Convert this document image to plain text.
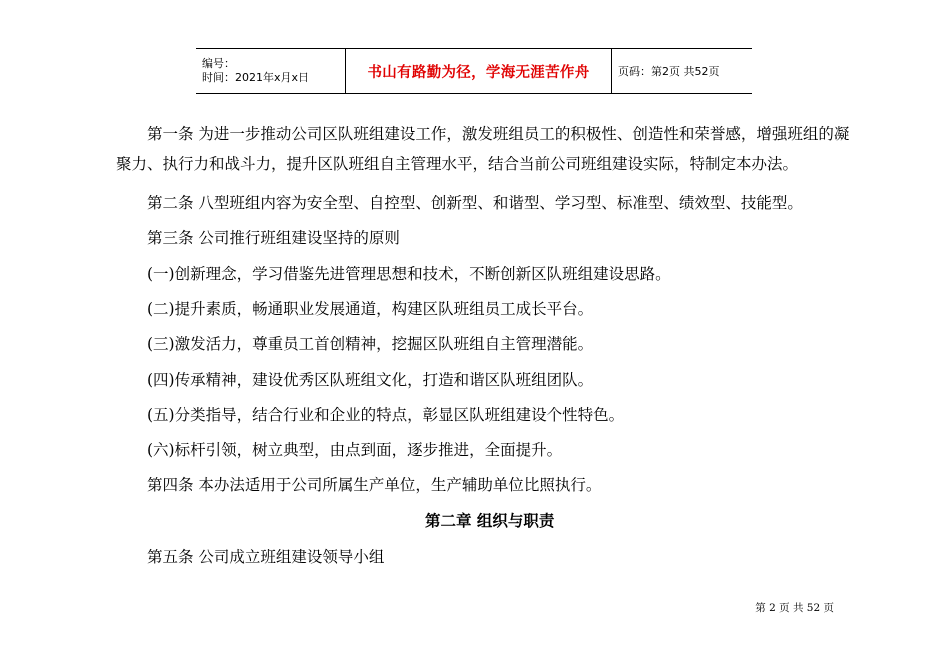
编号：
时间：2021年x月x日	书山有路勤为径，学海无涯苦作舟	页码：第2页 共52页
第一条 为进一步推动公司区队班组建设工作，激发班组员工的积极性、创造性和荣誉感，增强班组的凝
聚力、执行力和战斗力，提升区队班组自主管理水平，结合当前公司班组建设实际，特制定本办法。
第二条 八型班组内容为安全型、自控型、创新型、和谐型、学习型、标准型、绩效型、技能型。
第三条 公司推行班组建设坚持的原则
(一)创新理念，学习借鉴先进管理思想和技术，不断创新区队班组建设思路。
(二)提升素质，畅通职业发展通道，构建区队班组员工成长平台。
(三)激发活力，尊重员工首创精神，挖掘区队班组自主管理潜能。
(四)传承精神，建设优秀区队班组文化，打造和谐区队班组团队。
(五)分类指导，结合行业和企业的特点，彰显区队班组建设个性特色。
(六)标杆引领，树立典型，由点到面，逐步推进，全面提升。
第四条 本办法适用于公司所属生产单位，生产辅助单位比照执行。
第二章 组织与职责
第五条 公司成立班组建设领导小组
第 2 页 共 52 页
